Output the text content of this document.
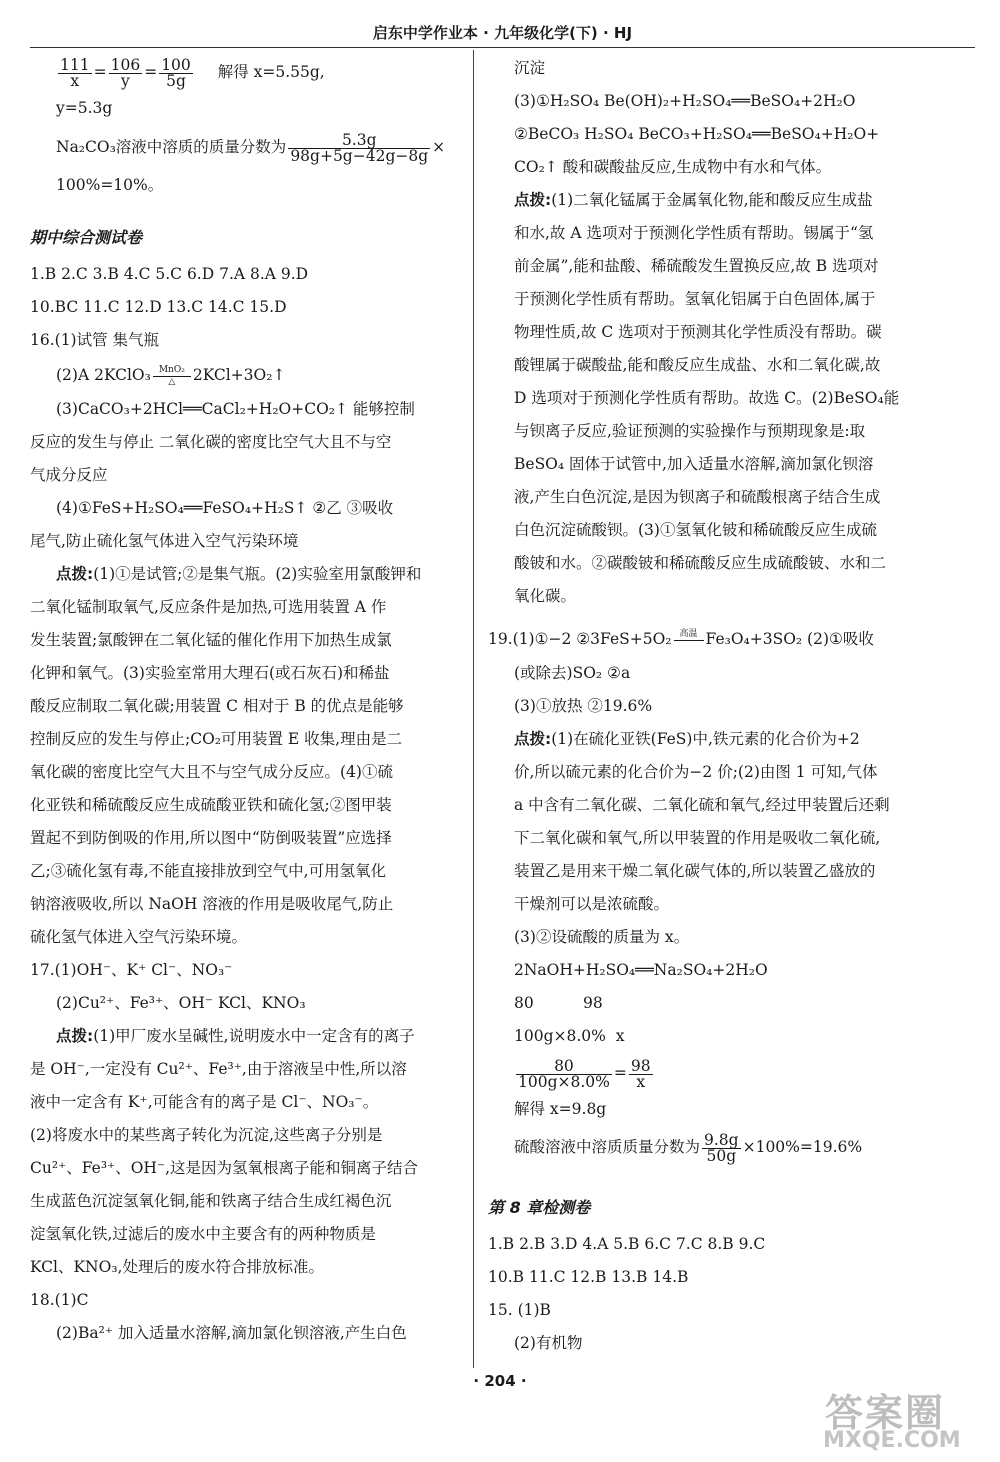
启东中学作业本 · 九年级化学(下) · HJ
$\frac{111}{x} = \frac{106}{y} = \frac{100}{5g}$ 解得 x=5.55g,
y=5.3g
Na₂CO₃溶液中溶质的质量分数为 $\frac{5.3g}{98g+5g-42g-8g}$ ×
100%=10%。
期中综合测试卷
1.B 2.C 3.B 4.C 5.C 6.D 7.A 8.A 9.D
10.BC 11.C 12.D 13.C 14.C 15.D
16.(1)试管 集气瓶
(2)A 2KClO₃ MnO₂
△	2KCl+3O₂↑
(3)CaCO₃+2HCl══CaCl₂+H₂O+CO₂↑ 能够控制
反应的发生与停止 二氧化碳的密度比空气大且不与空
气成分反应
(4)①FeS+H₂SO₄══FeSO₄+H₂S↑ ②乙 ③吸收
尾气,防止硫化氢气体进入空气污染环境
点拨:(1)①是试管;②是集气瓶。(2)实验室用氯酸钾和
二氧化锰制取氧气,反应条件是加热,可选用装置 A 作
发生装置;氯酸钾在二氧化锰的催化作用下加热生成氯
化钾和氧气。(3)实验室常用大理石(或石灰石)和稀盐
酸反应制取二氧化碳;用装置 C 相对于 B 的优点是能够
控制反应的发生与停止;CO₂可用装置 E 收集,理由是二
氧化碳的密度比空气大且不与空气成分反应。(4)①硫
化亚铁和稀硫酸反应生成硫酸亚铁和硫化氢;②图甲装
置起不到防倒吸的作用,所以图中“防倒吸装置”应选择
乙;③硫化氢有毒,不能直接排放到空气中,可用氢氧化
钠溶液吸收,所以 NaOH 溶液的作用是吸收尾气,防止
硫化氢气体进入空气污染环境。
17.(1)OH⁻、K⁺ Cl⁻、NO₃⁻
(2)Cu²⁺、Fe³⁺、OH⁻ KCl、KNO₃
点拨:(1)甲厂废水呈碱性,说明废水中一定含有的离子
是 OH⁻,一定没有 Cu²⁺、Fe³⁺,由于溶液呈中性,所以溶
液中一定含有 K⁺,可能含有的离子是 Cl⁻、NO₃⁻。
(2)将废水中的某些离子转化为沉淀,这些离子分别是
Cu²⁺、Fe³⁺、OH⁻,这是因为氢氧根离子能和铜离子结合
生成蓝色沉淀氢氧化铜,能和铁离子结合生成红褐色沉
淀氢氧化铁,过滤后的废水中主要含有的两种物质是
KCl、KNO₃,处理后的废水符合排放标准。
18.(1)C
(2)Ba²⁺ 加入适量水溶解,滴加氯化钡溶液,产生白色
沉淀
(3)①H₂SO₄ Be(OH)₂+H₂SO₄══BeSO₄+2H₂O
②BeCO₃ H₂SO₄ BeCO₃+H₂SO₄══BeSO₄+H₂O+
CO₂↑ 酸和碳酸盐反应,生成物中有水和气体。
点拨:(1)二氧化锰属于金属氧化物,能和酸反应生成盐
和水,故 A 选项对于预测化学性质有帮助。锡属于“氢
前金属”,能和盐酸、稀硫酸发生置换反应,故 B 选项对
于预测化学性质有帮助。氢氧化铝属于白色固体,属于
物理性质,故 C 选项对于预测其化学性质没有帮助。碳
酸锂属于碳酸盐,能和酸反应生成盐、水和二氧化碳,故
D 选项对于预测化学性质有帮助。故选 C。(2)BeSO₄能
与钡离子反应,验证预测的实验操作与预期现象是:取
BeSO₄ 固体于试管中,加入适量水溶解,滴加氯化钡溶
液,产生白色沉淀,是因为钡离子和硫酸根离子结合生成
白色沉淀硫酸钡。(3)①氢氧化铍和稀硫酸反应生成硫
酸铍和水。②碳酸铍和稀硫酸反应生成硫酸铍、水和二
氧化碳。
19.(1)①−2 ②3FeS+5O₂ 高温
Fe₃O₄+3SO₂ (2)①吸收
(或除去)SO₂ ②a
(3)①放热 ②19.6%
点拨:(1)在硫化亚铁(FeS)中,铁元素的化合价为+2
价,所以硫元素的化合价为−2 价;(2)由图 1 可知,气体
a 中含有二氧化碳、二氧化硫和氧气,经过甲装置后还剩
下二氧化碳和氧气,所以甲装置的作用是吸收二氧化硫,
装置乙是用来干燥二氧化碳气体的,所以装置乙盛放的
干燥剂可以是浓硫酸。
(3)②设硫酸的质量为 x。
2NaOH+H₂SO₄══Na₂SO₄+2H₂O
80          98
100g×8.0%  x
$\frac{80}{100g\times 8.0\%} = \frac{98}{x}$
解得 x=9.8g
硫酸溶液中溶质质量分数为 $\frac{9.8g}{50g} \times 100\%=19.6\%$
第 8 章检测卷
1.B 2.B 3.D 4.A 5.B 6.C 7.C 8.B 9.C
10.B 11.C 12.B 13.B 14.B
15. (1)B
(2)有机物
· 204 ·
答案圈
MXQE.COM
